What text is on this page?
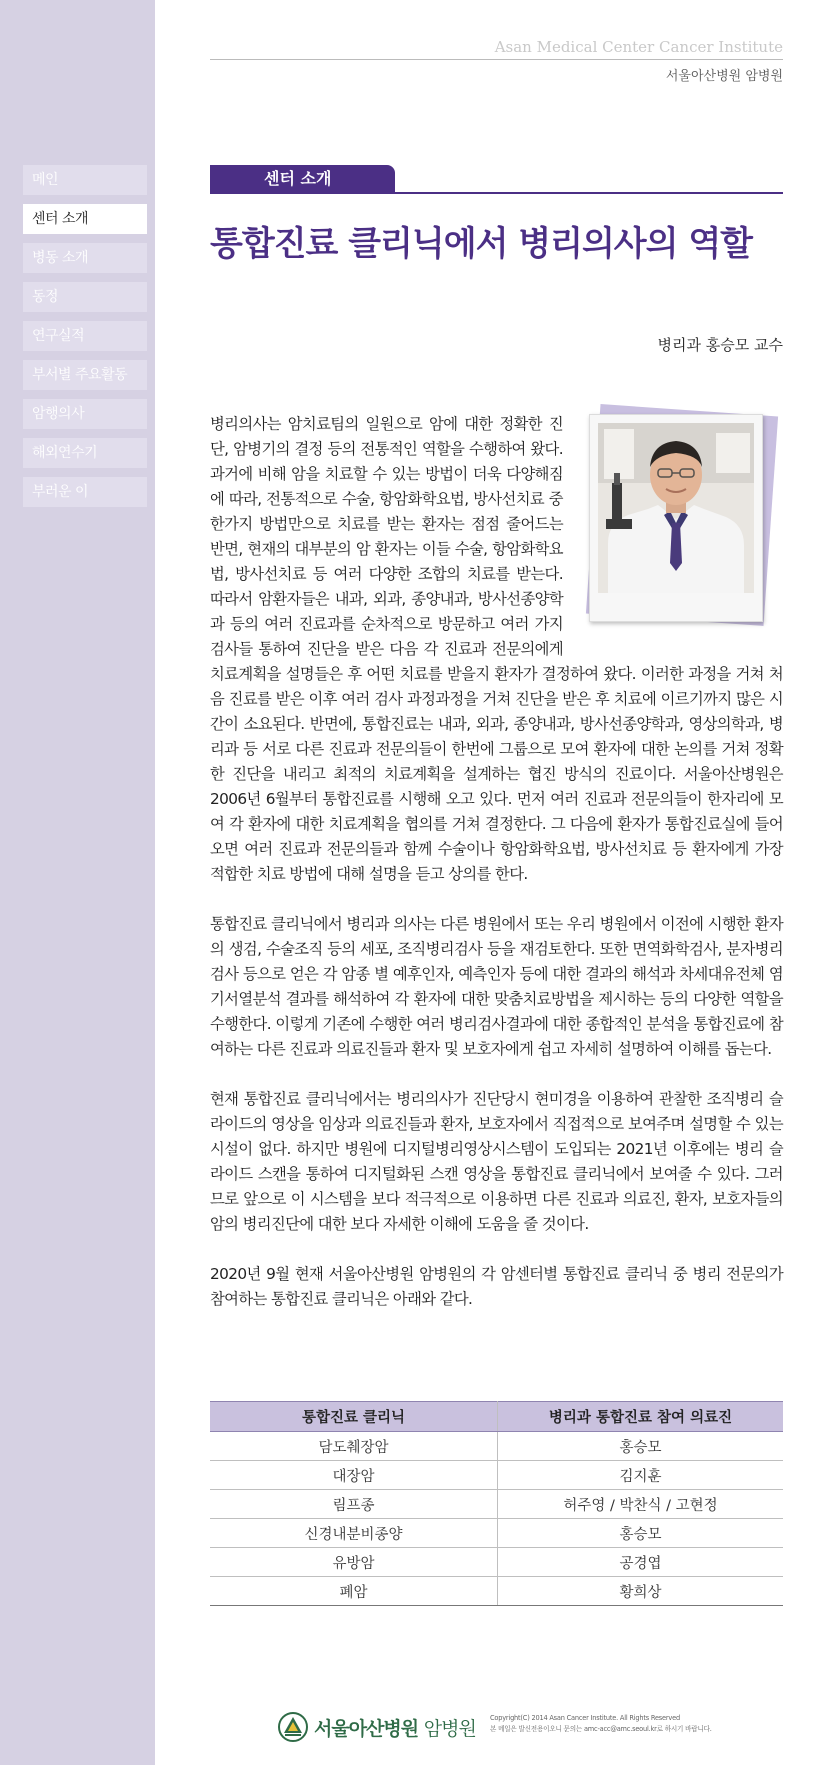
메인
센터 소개
병동 소개
동정
연구실적
부서별 주요활동
암행의사
해외연수기
부러운 이
Asan Medical Center Cancer Institute
서울아산병원 암병원
센터 소개
통합진료 클리닉에서 병리의사의 역할
병리과 홍승모 교수

병리의사는 암치료팀의 일원으로 암에 대한 정확한 진단, 암병기의 결정 등의 전통적인 역할을 수행하여 왔다. 과거에 비해 암을 치료할 수 있는 방법이 더욱 다양해짐에 따라, 전통적으로 수술, 항암화학요법, 방사선치료 중 한가지 방법만으로 치료를 받는 환자는 점점 줄어드는 반면, 현재의 대부분의 암 환자는 이들 수술, 항암화학요법, 방사선치료 등 여러 다양한 조합의 치료를 받는다. 따라서 암환자들은 내과, 외과, 종양내과, 방사선종양학과 등의 여러 진료과를 순차적으로 방문하고 여러 가지 검사들 통하여 진단을 받은 다음 각 진료과 전문의에게 치료계획을 설명들은 후 어떤 치료를 받을지 환자가 결정하여 왔다. 이러한 과정을 거쳐 처음 진료를 받은 이후 여러 검사 과정과정을 거쳐 진단을 받은 후 치료에 이르기까지 많은 시간이 소요된다. 반면에, 통합진료는 내과, 외과, 종양내과, 방사선종양학과, 영상의학과, 병리과 등 서로 다른 진료과 전문의들이 한번에 그룹으로 모여 환자에 대한 논의를 거쳐 정확한 진단을 내리고 최적의 치료계획을 설계하는 협진 방식의 진료이다. 서울아산병원은 2006년 6월부터 통합진료를 시행해 오고 있다. 먼저 여러 진료과 전문의들이 한자리에 모여 각 환자에 대한 치료계획을 협의를 거쳐 결정한다. 그 다음에 환자가 통합진료실에 들어오면 여러 진료과 전문의들과 함께 수술이나 항암화학요법, 방사선치료 등 환자에게 가장 적합한 치료 방법에 대해 설명을 듣고 상의를 한다.

통합진료 클리닉에서 병리과 의사는 다른 병원에서 또는 우리 병원에서 이전에 시행한 환자의 생검, 수술조직 등의 세포, 조직병리검사 등을 재검토한다. 또한 면역화학검사, 분자병리검사 등으로 얻은 각 암종 별 예후인자, 예측인자 등에 대한 결과의 해석과 차세대유전체 염기서열분석 결과를 해석하여 각 환자에 대한 맞춤치료방법을 제시하는 등의 다양한 역할을 수행한다. 이렇게 기존에 수행한 여러 병리검사결과에 대한 종합적인 분석을 통합진료에 참여하는 다른 진료과 의료진들과 환자 및 보호자에게 쉽고 자세히 설명하여 이해를 돕는다.

현재 통합진료 클리닉에서는 병리의사가 진단당시 현미경을 이용하여 관찰한 조직병리 슬라이드의 영상을 임상과 의료진들과 환자, 보호자에서 직접적으로 보여주며 설명할 수 있는 시설이 없다. 하지만 병원에 디지털병리영상시스템이 도입되는 2021년 이후에는 병리 슬라이드 스캔을 통하여 디지털화된 스캔 영상을 통합진료 클리닉에서 보여줄 수 있다. 그러므로 앞으로 이 시스템을 보다 적극적으로 이용하면 다른 진료과 의료진, 환자, 보호자들의 암의 병리진단에 대한 보다 자세한 이해에 도움을 줄 것이다.

2020년 9월 현재 서울아산병원 암병원의 각 암센터별 통합진료 클리닉 중 병리 전문의가 참여하는 통합진료 클리닉은 아래와 같다.

통합진료 클리닉	병리과 통합진료 참여 의료진
담도췌장암	홍승모
대장암	김지훈
림프종	허주영 / 박찬식 / 고현정
신경내분비종양	홍승모
유방암	공경엽
폐암	황희상
서울아산병원 암병원 Copyright(C) 2014 Asan Cancer Institute. All Rights Reserved
본 메일은 발신전용이오니 문의는 amc-acc@amc.seoul.kr로 하시기 바랍니다.
